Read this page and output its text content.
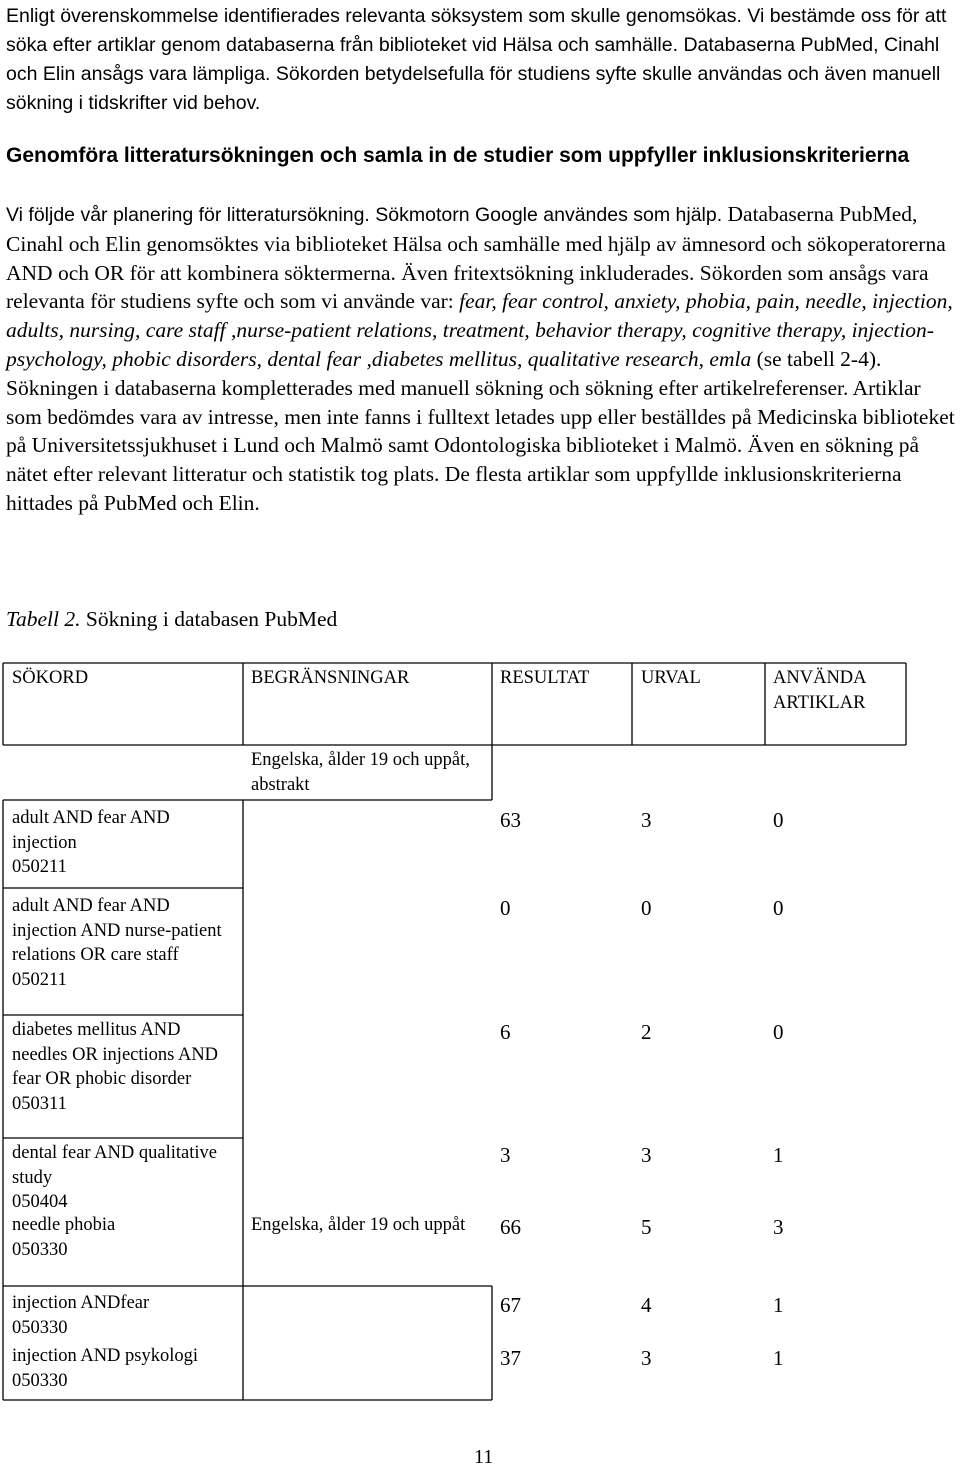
Enligt överenskommelse identifierades relevanta söksystem som skulle genomsökas. Vi bestämde oss för att söka efter artiklar genom databaserna från biblioteket vid Hälsa och samhälle. Databaserna PubMed, Cinahl och Elin ansågs vara lämpliga. Sökorden betydelsefulla för studiens syfte skulle användas och även manuell sökning i tidskrifter vid behov.
Genomföra litteratursökningen och samla in de studier som uppfyller inklusionskriterierna
Vi följde vår planering för litteratursökning. Sökmotorn Google användes som hjälp. Databaserna PubMed, Cinahl och Elin genomsöktes via biblioteket Hälsa och samhälle med hjälp av ämnesord och sökoperatorerna AND och OR för att kombinera söktermerna. Även fritextsökning inkluderades. Sökorden som ansågs vara relevanta för studiens syfte och som vi använde var: fear, fear control, anxiety, phobia, pain, needle, injection, adults, nursing, care staff ,nurse-patient relations, treatment, behavior therapy, cognitive therapy, injection-psychology, phobic disorders, dental fear ,diabetes mellitus, qualitative research, emla (se tabell 2-4). Sökningen i databaserna kompletterades med manuell sökning och sökning efter artikelreferenser. Artiklar som bedömdes vara av intresse, men inte fanns i fulltext letades upp eller beställdes på Medicinska biblioteket på Universitetssjukhuset i Lund och Malmö samt Odontologiska biblioteket i Malmö. Även en sökning på nätet efter relevant litteratur och statistik tog plats. De flesta artiklar som uppfyllde inklusionskriterierna hittades på PubMed och Elin.
Tabell 2. Sökning i databasen PubMed
SÖKORD	BEGRÄNSNINGAR	RESULTAT	URVAL	ANVÄNDA ARTIKLAR
Engelska, ålder 19 och uppåt, abstrakt
Engelska, ålder 19 och uppåt
adult AND fear AND injection
050211
63	3	0
adult AND fear AND injection AND nurse-patient relations OR care staff
050211
0	0	0
diabetes mellitus AND needles OR injections AND fear OR phobic disorder
050311
6	2	0
dental fear AND qualitative study
050404
3	3	1
needle phobia
050330
66	5	3
injection ANDfear
050330
67	4	1
injection AND psykologi
050330
37	3	1
11
